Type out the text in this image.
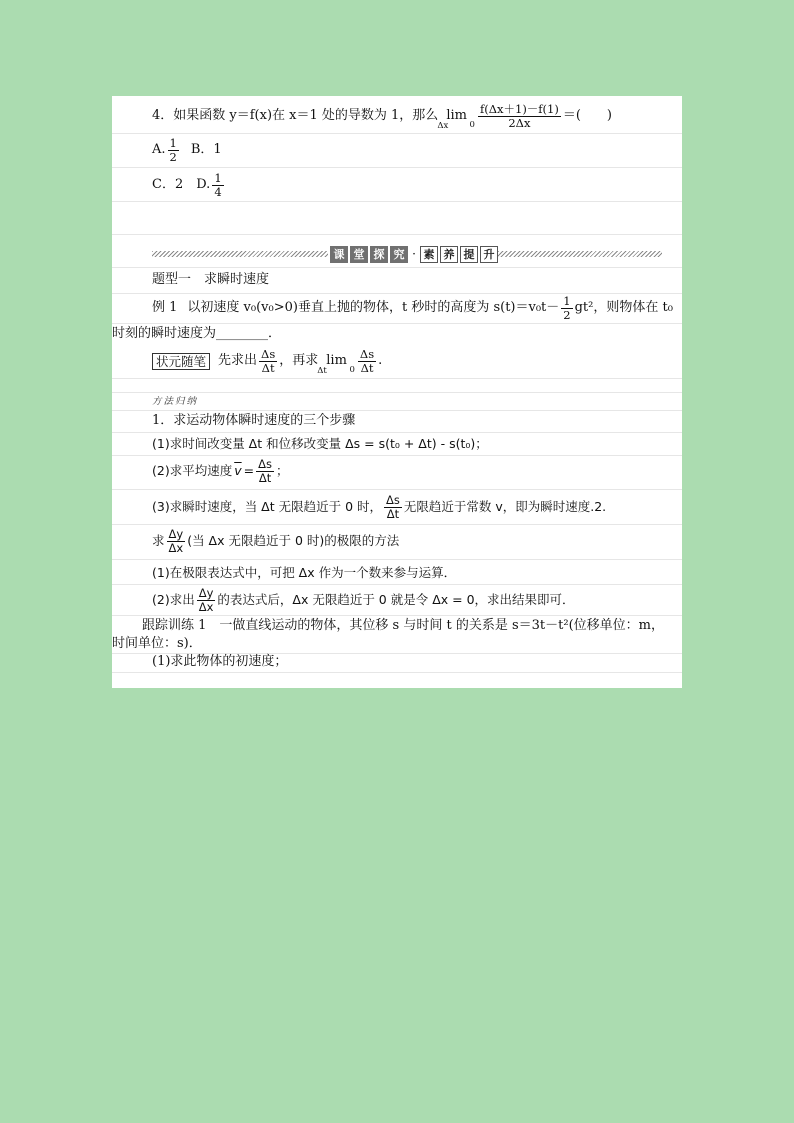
4．如果函数 y＝f(x)在 x＝1 处的导数为 1，那么 lim
Δx	$0 \frac{f(\Delta x+1)-f(1)}{2\Delta x}$ ＝(　　)
A. $\frac{1}{2}$ B．1
C．2　D. $\frac{1}{4}$
课 堂 探 究 · 素 养 提 升
题型一　求瞬时速度
例 1 以初速度 v₀(v₀>0)垂直上抛的物体，t 秒时的高度为 $s(t)=v_0t- \frac{1}{2} gt^2$，则物体在 t₀
时刻的瞬时速度为________．
状元随笔 先求出 $\frac{\Delta s}{\Delta t}$ ，再求 lim
Δt	$0 \frac{\Delta s}{\Delta t}$ .
方法归纳
1．求运动物体瞬时速度的三个步骤
(1)求时间改变量 Δt 和位移改变量 Δs = s(t₀ + Δt) - s(t₀)；
(2)求平均速度 $\overline{v} = \frac{\Delta s}{\Delta t}$ ；
(3)求瞬时速度，当 Δt 无限趋近于 0 时， $\frac{\Delta s}{\Delta t}$ 无限趋近于常数 v，即为瞬时速度.2.
求 $\frac{\Delta y}{\Delta x}$ (当 Δx 无限趋近于 0 时)的极限的方法
(1)在极限表达式中，可把 Δx 作为一个数来参与运算．
(2)求出 $\frac{\Delta y}{\Delta x}$ 的表达式后，Δx 无限趋近于 0 就是令 Δx = 0，求出结果即可．
跟踪训练 1　一做直线运动的物体，其位移 s 与时间 t 的关系是 s＝3t－t²(位移单位：m，
时间单位：s)．
(1)求此物体的初速度；
